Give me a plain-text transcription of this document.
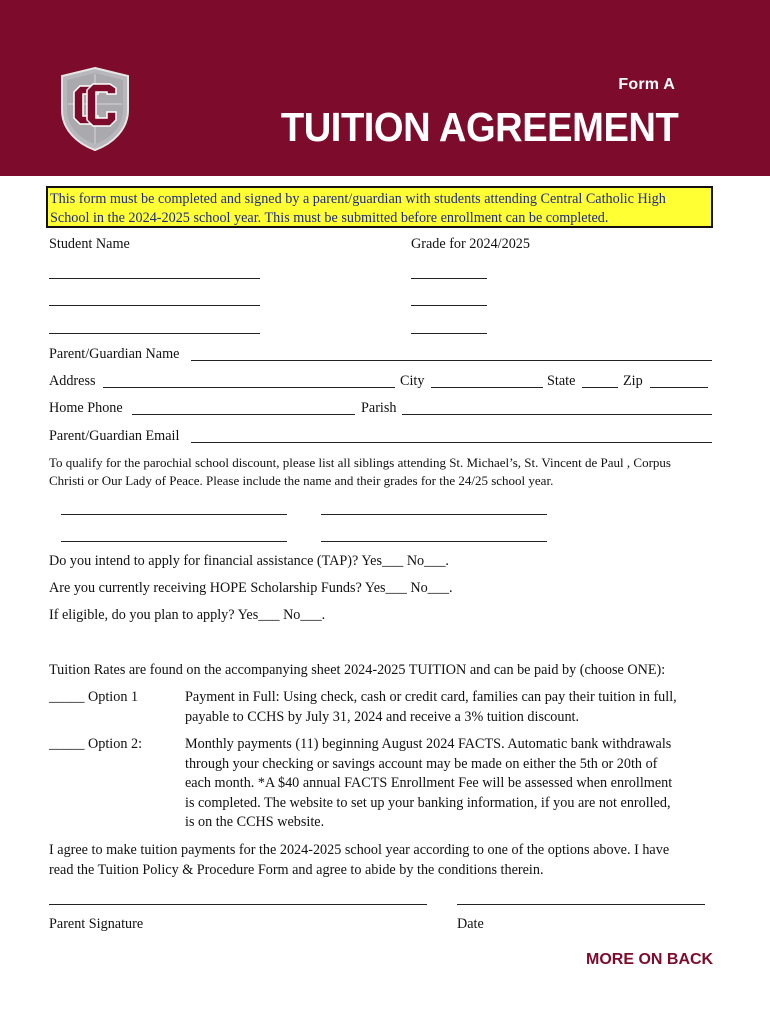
Form A
TUITION AGREEMENT
This form must be completed and signed by a parent/guardian with students attending Central Catholic High
School in the 2024-2025 school year. This must be submitted before enrollment can be completed.
Student Name	Grade for 2024/2025
Parent/Guardian Name
Address	City	State	Zip
Home Phone	Parish
Parent/Guardian Email
To qualify for the parochial school discount, please list all siblings attending St. Michael’s, St. Vincent de Paul , Corpus
Christi or Our Lady of Peace. Please include the name and their grades for the 24/25 school year.
Do you intend to apply for financial assistance (TAP)? Yes___ No___.
Are you currently receiving HOPE Scholarship Funds? Yes___ No___.
If eligible, do you plan to apply? Yes___ No___.
Tuition Rates are found on the accompanying sheet 2024-2025 TUITION and can be paid by (choose ONE):
_____ Option 1	Payment in Full: Using check, cash or credit card, families can pay their tuition in full,
payable to CCHS by July 31, 2024 and receive a 3% tuition discount.
_____ Option 2:	Monthly payments (11) beginning August 2024 FACTS. Automatic bank withdrawals
through your checking or savings account may be made on either the 5th or 20th of
each month. *A $40 annual FACTS Enrollment Fee will be assessed when enrollment
is completed. The website to set up your banking information, if you are not enrolled,
is on the CCHS website.
I agree to make tuition payments for the 2024-2025 school year according to one of the options above. I have
read the Tuition Policy & Procedure Form and agree to abide by the conditions therein.
Parent Signature	Date
MORE ON BACK
